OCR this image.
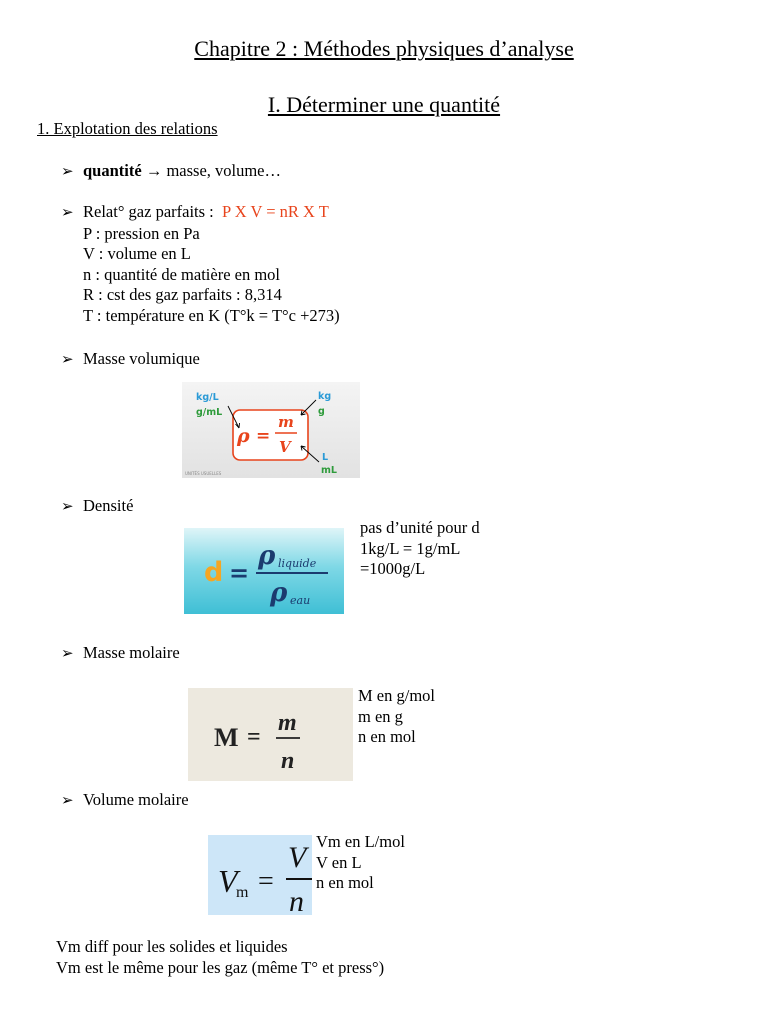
Chapitre 2 : Méthodes physiques d’analyse
I. Déterminer une quantité
1. Explotation des relations
➢ quantité → masse, volume…
➢ Relat° gaz parfaits : P X V = nR X T
P : pression en Pa
V : volume en L
n : quantité de matière en mol
R : cst des gaz parfaits : 8,314
T : température en K (T°k = T°c +273)
➢ Masse volumique
kg/L
g/mL
kg
g
L
mL
ρ =
m
V
UNITÉS USUELLES
➢ Densité
d =
ρ liquide
ρ eau
pas d’unité pour d
1kg/L = 1g/mL
=1000g/L
➢ Masse molaire
M =
m
n
M en g/mol
m en g
n en mol
➢ Volume molaire
V
m =
V
n
Vm en L/mol
V en L
n en mol
Vm diff pour les solides et liquides
Vm est le même pour les gaz (même T° et press°)
